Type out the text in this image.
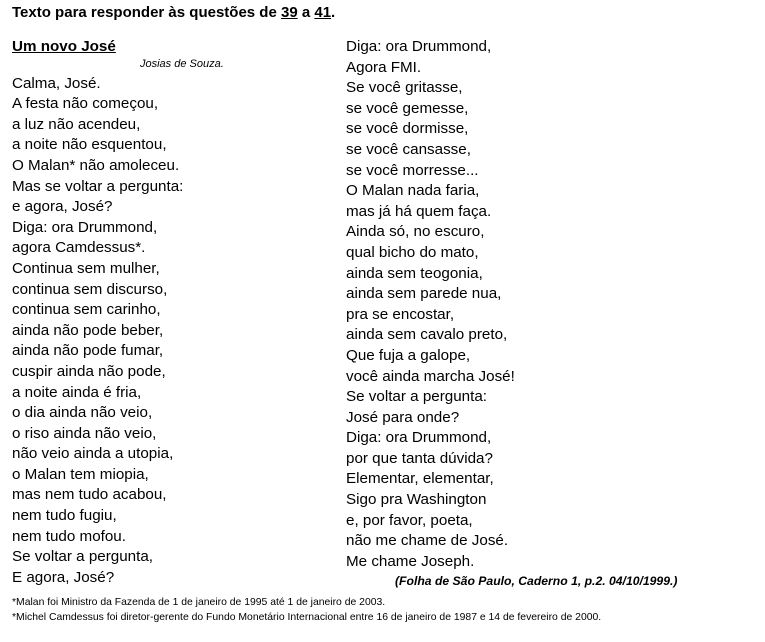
Texto para responder às questões de 39 a 41.
Um novo José
Josias de Souza.
Calma, José.
A festa não começou,
a luz não acendeu,
a noite não esquentou,
O Malan* não amoleceu.
Mas se voltar a pergunta:
e agora, José?
Diga: ora Drummond,
agora Camdessus*.
Continua sem mulher,
continua sem discurso,
continua sem carinho,
ainda não pode beber,
ainda não pode fumar,
cuspir ainda não pode,
a noite ainda é fria,
o dia ainda não veio,
o riso ainda não veio,
não veio ainda a utopia,
o Malan tem miopia,
mas nem tudo acabou,
nem tudo fugiu,
nem tudo mofou.
Se voltar a pergunta,
E agora, José?
Diga: ora Drummond,
Agora FMI.
Se você gritasse,
se você gemesse,
se você dormisse,
se você cansasse,
se você morresse...
O Malan nada faria,
mas já há quem faça.
Ainda só, no escuro,
qual bicho do mato,
ainda sem teogonia,
ainda sem parede nua,
pra se encostar,
ainda sem cavalo preto,
Que fuja a galope,
você ainda marcha José!
Se voltar a pergunta:
José para onde?
Diga: ora Drummond,
por que tanta dúvida?
Elementar, elementar,
Sigo pra Washington
e, por favor, poeta,
não me chame de José.
Me chame Joseph.
(Folha de São Paulo, Caderno 1, p.2. 04/10/1999.)
*Malan foi Ministro da Fazenda de 1 de janeiro de 1995 até 1 de janeiro de 2003.
*Michel Camdessus foi diretor-gerente do Fundo Monetário Internacional entre 16 de janeiro de 1987 e 14 de fevereiro de 2000.
